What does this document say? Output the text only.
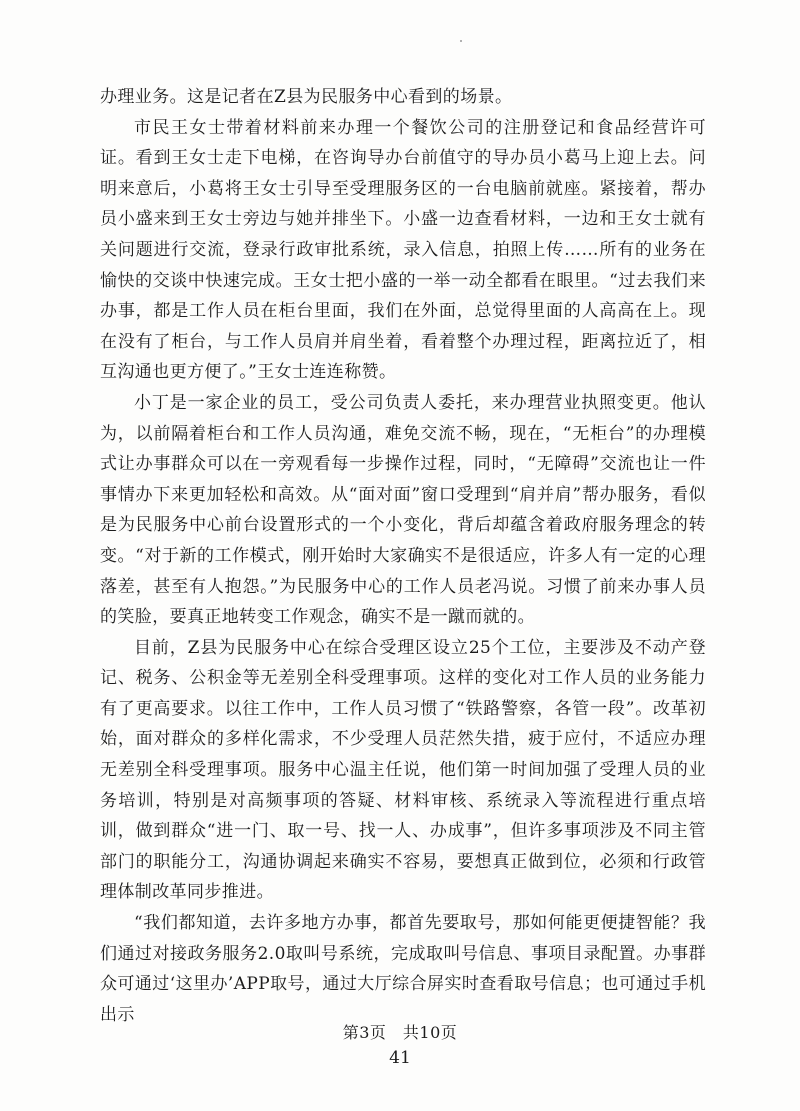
办理业务。这是记者在Z县为民服务中心看到的场景。

市民王女士带着材料前来办理一个餐饮公司的注册登记和食品经营许可证。看到王女士走下电梯，在咨询导办台前值守的导办员小葛马上迎上去。问明来意后，小葛将王女士引导至受理服务区的一台电脑前就座。紧接着，帮办员小盛来到王女士旁边与她并排坐下。小盛一边查看材料，一边和王女士就有关问题进行交流，登录行政审批系统，录入信息，拍照上传……所有的业务在愉快的交谈中快速完成。王女士把小盛的一举一动全都看在眼里。“过去我们来办事，都是工作人员在柜台里面，我们在外面，总觉得里面的人高高在上。现在没有了柜台，与工作人员肩并肩坐着，看着整个办理过程，距离拉近了，相互沟通也更方便了。”王女士连连称赞。

小丁是一家企业的员工，受公司负责人委托，来办理营业执照变更。他认为，以前隔着柜台和工作人员沟通，难免交流不畅，现在，“无柜台”的办理模式让办事群众可以在一旁观看每一步操作过程，同时，“无障碍”交流也让一件事情办下来更加轻松和高效。从“面对面”窗口受理到“肩并肩”帮办服务，看似是为民服务中心前台设置形式的一个小变化，背后却蕴含着政府服务理念的转变。“对于新的工作模式，刚开始时大家确实不是很适应，许多人有一定的心理落差，甚至有人抱怨。”为民服务中心的工作人员老冯说。习惯了前来办事人员的笑脸，要真正地转变工作观念，确实不是一蹴而就的。

目前，Z县为民服务中心在综合受理区设立25个工位，主要涉及不动产登记、税务、公积金等无差别全科受理事项。这样的变化对工作人员的业务能力有了更高要求。以往工作中，工作人员习惯了“铁路警察，各管一段”。改革初始，面对群众的多样化需求，不少受理人员茫然失措，疲于应付，不适应办理无差别全科受理事项。服务中心温主任说，他们第一时间加强了受理人员的业务培训，特别是对高频事项的答疑、材料审核、系统录入等流程进行重点培训，做到群众“进一门、取一号、找一人、办成事”，但许多事项涉及不同主管部门的职能分工，沟通协调起来确实不容易，要想真正做到位，必须和行政管理体制改革同步推进。

“我们都知道，去许多地方办事，都首先要取号，那如何能更便捷智能？我们通过对接政务服务2.0取叫号系统，完成取叫号信息、事项目录配置。办事群众可通过‘这里办’APP取号，通过大厅综合屏实时查看取号信息；也可通过手机出示

第3页　共10页
41
